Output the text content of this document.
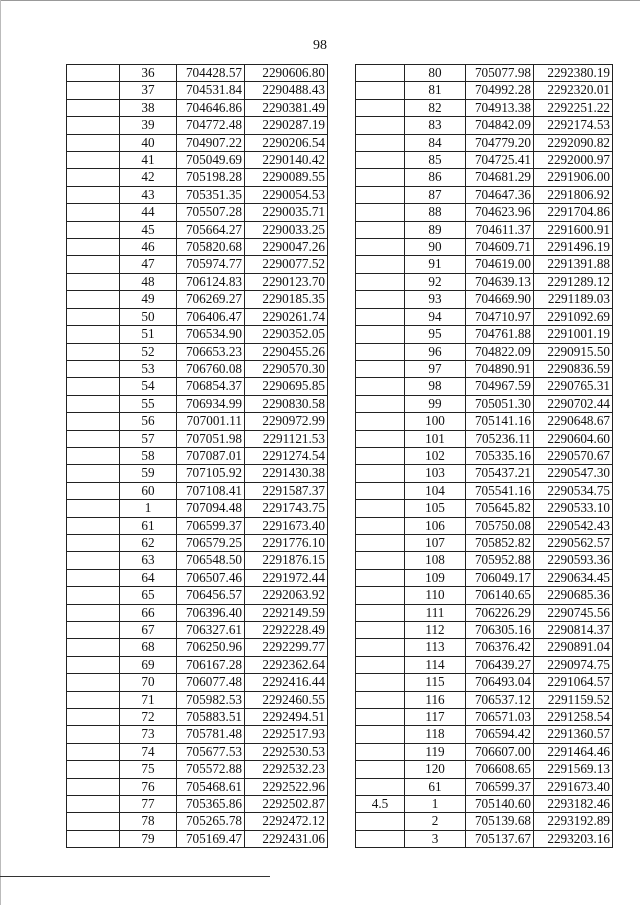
98
	36	704428.57	2290606.80
	37	704531.84	2290488.43
	38	704646.86	2290381.49
	39	704772.48	2290287.19
	40	704907.22	2290206.54
	41	705049.69	2290140.42
	42	705198.28	2290089.55
	43	705351.35	2290054.53
	44	705507.28	2290035.71
	45	705664.27	2290033.25
	46	705820.68	2290047.26
	47	705974.77	2290077.52
	48	706124.83	2290123.70
	49	706269.27	2290185.35
	50	706406.47	2290261.74
	51	706534.90	2290352.05
	52	706653.23	2290455.26
	53	706760.08	2290570.30
	54	706854.37	2290695.85
	55	706934.99	2290830.58
	56	707001.11	2290972.99
	57	707051.98	2291121.53
	58	707087.01	2291274.54
	59	707105.92	2291430.38
	60	707108.41	2291587.37
	1	707094.48	2291743.75
	61	706599.37	2291673.40
	62	706579.25	2291776.10
	63	706548.50	2291876.15
	64	706507.46	2291972.44
	65	706456.57	2292063.92
	66	706396.40	2292149.59
	67	706327.61	2292228.49
	68	706250.96	2292299.77
	69	706167.28	2292362.64
	70	706077.48	2292416.44
	71	705982.53	2292460.55
	72	705883.51	2292494.51
	73	705781.48	2292517.93
	74	705677.53	2292530.53
	75	705572.88	2292532.23
	76	705468.61	2292522.96
	77	705365.86	2292502.87
	78	705265.78	2292472.12
	79	705169.47	2292431.06
	80	705077.98	2292380.19
	81	704992.28	2292320.01
	82	704913.38	2292251.22
	83	704842.09	2292174.53
	84	704779.20	2292090.82
	85	704725.41	2292000.97
	86	704681.29	2291906.00
	87	704647.36	2291806.92
	88	704623.96	2291704.86
	89	704611.37	2291600.91
	90	704609.71	2291496.19
	91	704619.00	2291391.88
	92	704639.13	2291289.12
	93	704669.90	2291189.03
	94	704710.97	2291092.69
	95	704761.88	2291001.19
	96	704822.09	2290915.50
	97	704890.91	2290836.59
	98	704967.59	2290765.31
	99	705051.30	2290702.44
	100	705141.16	2290648.67
	101	705236.11	2290604.60
	102	705335.16	2290570.67
	103	705437.21	2290547.30
	104	705541.16	2290534.75
	105	705645.82	2290533.10
	106	705750.08	2290542.43
	107	705852.82	2290562.57
	108	705952.88	2290593.36
	109	706049.17	2290634.45
	110	706140.65	2290685.36
	111	706226.29	2290745.56
	112	706305.16	2290814.37
	113	706376.42	2290891.04
	114	706439.27	2290974.75
	115	706493.04	2291064.57
	116	706537.12	2291159.52
	117	706571.03	2291258.54
	118	706594.42	2291360.57
	119	706607.00	2291464.46
	120	706608.65	2291569.13
	61	706599.37	2291673.40
4.5	1	705140.60	2293182.46
	2	705139.68	2293192.89
	3	705137.67	2293203.16
